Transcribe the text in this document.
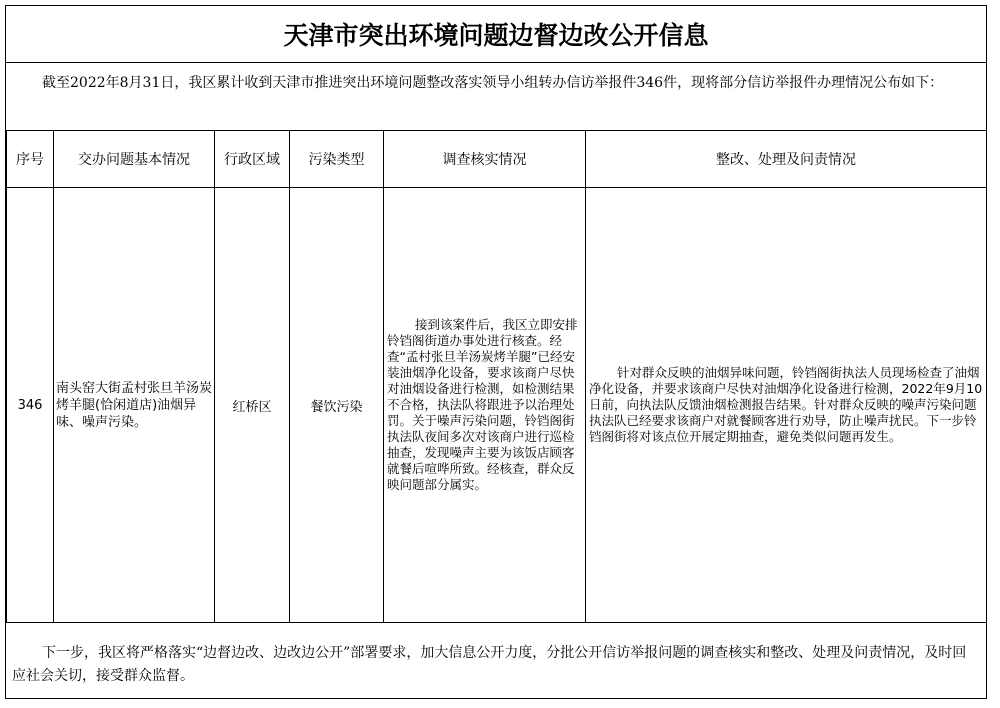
天津市突出环境问题边督边改公开信息
截至2022年8月31日，我区累计收到天津市推进突出环境问题整改落实领导小组转办信访举报件346件，现将部分信访举报件办理情况公布如下：
序号	交办问题基本情况	行政区域	污染类型	调查核实情况	整改、处理及问责情况
346	南头窑大街孟村张旦羊汤炭烤羊腿(恰闲道店)油烟异味、噪声污染。	红桥区	餐饮污染	接到该案件后，我区立即安排铃铛阁街道办事处进行核查。经查“孟村张旦羊汤炭烤羊腿”已经安装油烟净化设备，要求该商户尽快对油烟设备进行检测，如检测结果不合格，执法队将跟进予以治理处罚。关于噪声污染问题，铃铛阁街执法队夜间多次对该商户进行巡检抽查，发现噪声主要为该饭店顾客就餐后喧哗所致。经核查，群众反映问题部分属实。	针对群众反映的油烟异味问题，铃铛阁街执法人员现场检查了油烟净化设备，并要求该商户尽快对油烟净化设备进行检测，2022年9月10日前，向执法队反馈油烟检测报告结果。针对群众反映的噪声污染问题执法队已经要求该商户对就餐顾客进行劝导，防止噪声扰民。下一步铃铛阁街将对该点位开展定期抽查，避免类似问题再发生。
下一步，我区将严格落实“边督边改、边改边公开”部署要求，加大信息公开力度，分批公开信访举报问题的调查核实和整改、处理及问责情况，及时回应社会关切，接受群众监督。
